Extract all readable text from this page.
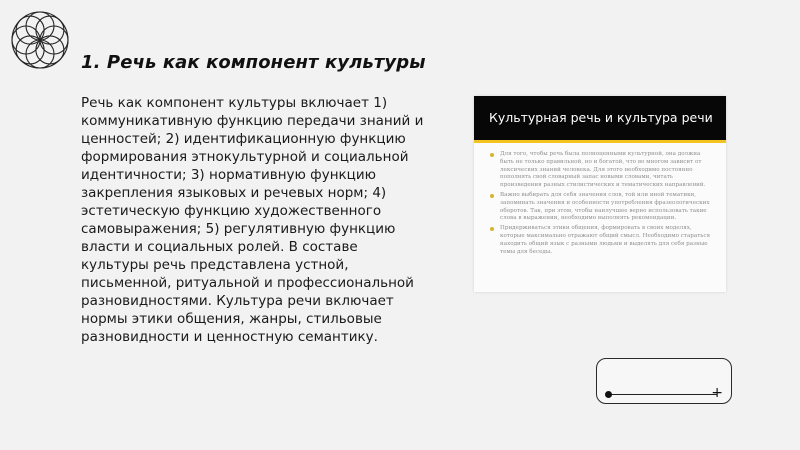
1. Речь как компонент культуры

Речь как компонент культуры включает 1) коммуникативную функцию передачи знаний и ценностей; 2) идентификационную функцию формирования этнокультурной и социальной идентичности; 3) нормативную функцию закрепления языковых и речевых норм; 4) эстетическую функцию художественного самовыражения; 5) регулятивную функцию власти и социальных ролей. В составе культуры речь представлена устной, письменной, ритуальной и профессиональной разновидностями. Культура речи включает нормы этики общения, жанры, стильовые разновидности и ценностную семантику.

Культурная речь и культура речи
Для того, чтобы речь была полноценными культурной, она должна быть не только правильной, но и богатой, что во многом зависит от лексических знаний человека. Для этого необходимо постоянно пополнять свой словарный запас новыми словами, читать произведения разных стилистических и тематических направлений.
Важно выбирать для себя значения слов, той или иной тематики, запоминать значения и особенности употребления фразеологических оборотов. Так, при этом, чтобы наилучшее верно использовать такие слова в выражении, необходимо выполнять рекомендации.
Придерживаться этики общения, формировать в своих моделях, которые максимально отражают общий смысл. Необходимо стараться находить общий язык с разными людьми и выделять для себя разные темы для беседы.
+
